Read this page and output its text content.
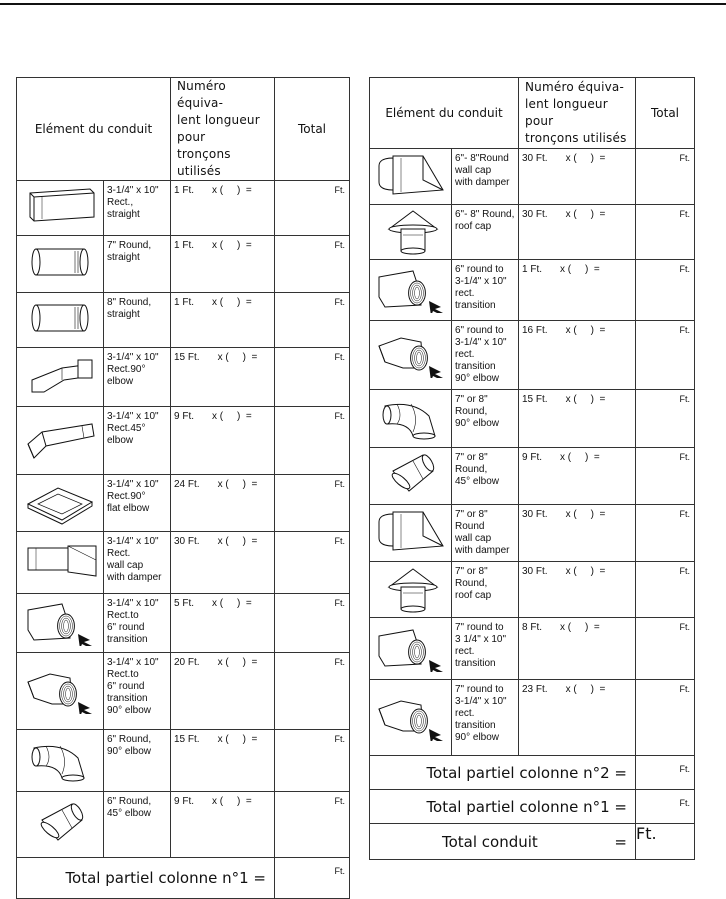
Elément du conduit		Numéro équiva-
lent longueur pour
tronçons utilisés	Total

3-1/4" x 10"
Rect.,
straight	1 Ft. x (     )  =	Ft.

7" Round,
straight	1 Ft. x (     )  =	Ft.

8" Round,
straight	1 Ft. x (     )  =	Ft.

3-1/4" x 10"
Rect.90°
elbow	15 Ft. x (     )  =	Ft.

3-1/4" x 10"
Rect.45°
elbow	9 Ft. x (     )  =	Ft.

3-1/4" x 10"
Rect.90°
flat elbow	24 Ft. x (     )  =	Ft.

3-1/4" x 10"
Rect.
wall cap
with damper	30 Ft. x (     )  =	Ft.

3-1/4" x 10"
Rect.to
6" round
transition	5 Ft. x (     )  =	Ft.

3-1/4" x 10"
Rect.to
6" round
transition
90° elbow	20 Ft. x (     )  =	Ft.

6" Round,
90° elbow	15 Ft. x (     )  =	Ft.

6" Round,
45° elbow	9 Ft. x (     )  =	Ft.
Total partiel colonne n°1 =			Ft.
Elément du conduit		Numéro équiva-
lent longueur pour
tronçons utilisés	Total

6"- 8"Round
wall cap
with damper	30 Ft. x (     )  =	Ft.

6"- 8" Round,
roof cap	30 Ft. x (     )  =	Ft.

6" round to
3-1/4" x 10"
rect.
transition	1 Ft. x (     )  =	Ft.

6" round to
3-1/4" x 10"
rect.
transition
90° elbow	16 Ft. x (     )  =	Ft.

7" or 8"
Round,
90° elbow	15 Ft. x (     )  =	Ft.

7" or 8"
Round,
45° elbow	9 Ft. x (     )  =	Ft.

7" or 8"
Round
wall cap
with damper	30 Ft. x (     )  =	Ft.

7" or 8"
Round,
roof cap	30 Ft. x (     )  =	Ft.

7" round to
3 1/4" x 10"
rect.
transition	8 Ft. x (     )  =	Ft.

7" round to
3-1/4" x 10"
rect.
transition
90° elbow	23 Ft. x (     )  =	Ft.
Total partiel colonne n°2 =			Ft.
Total partiel colonne n°1 =			Ft.

Total conduit =			Ft.
